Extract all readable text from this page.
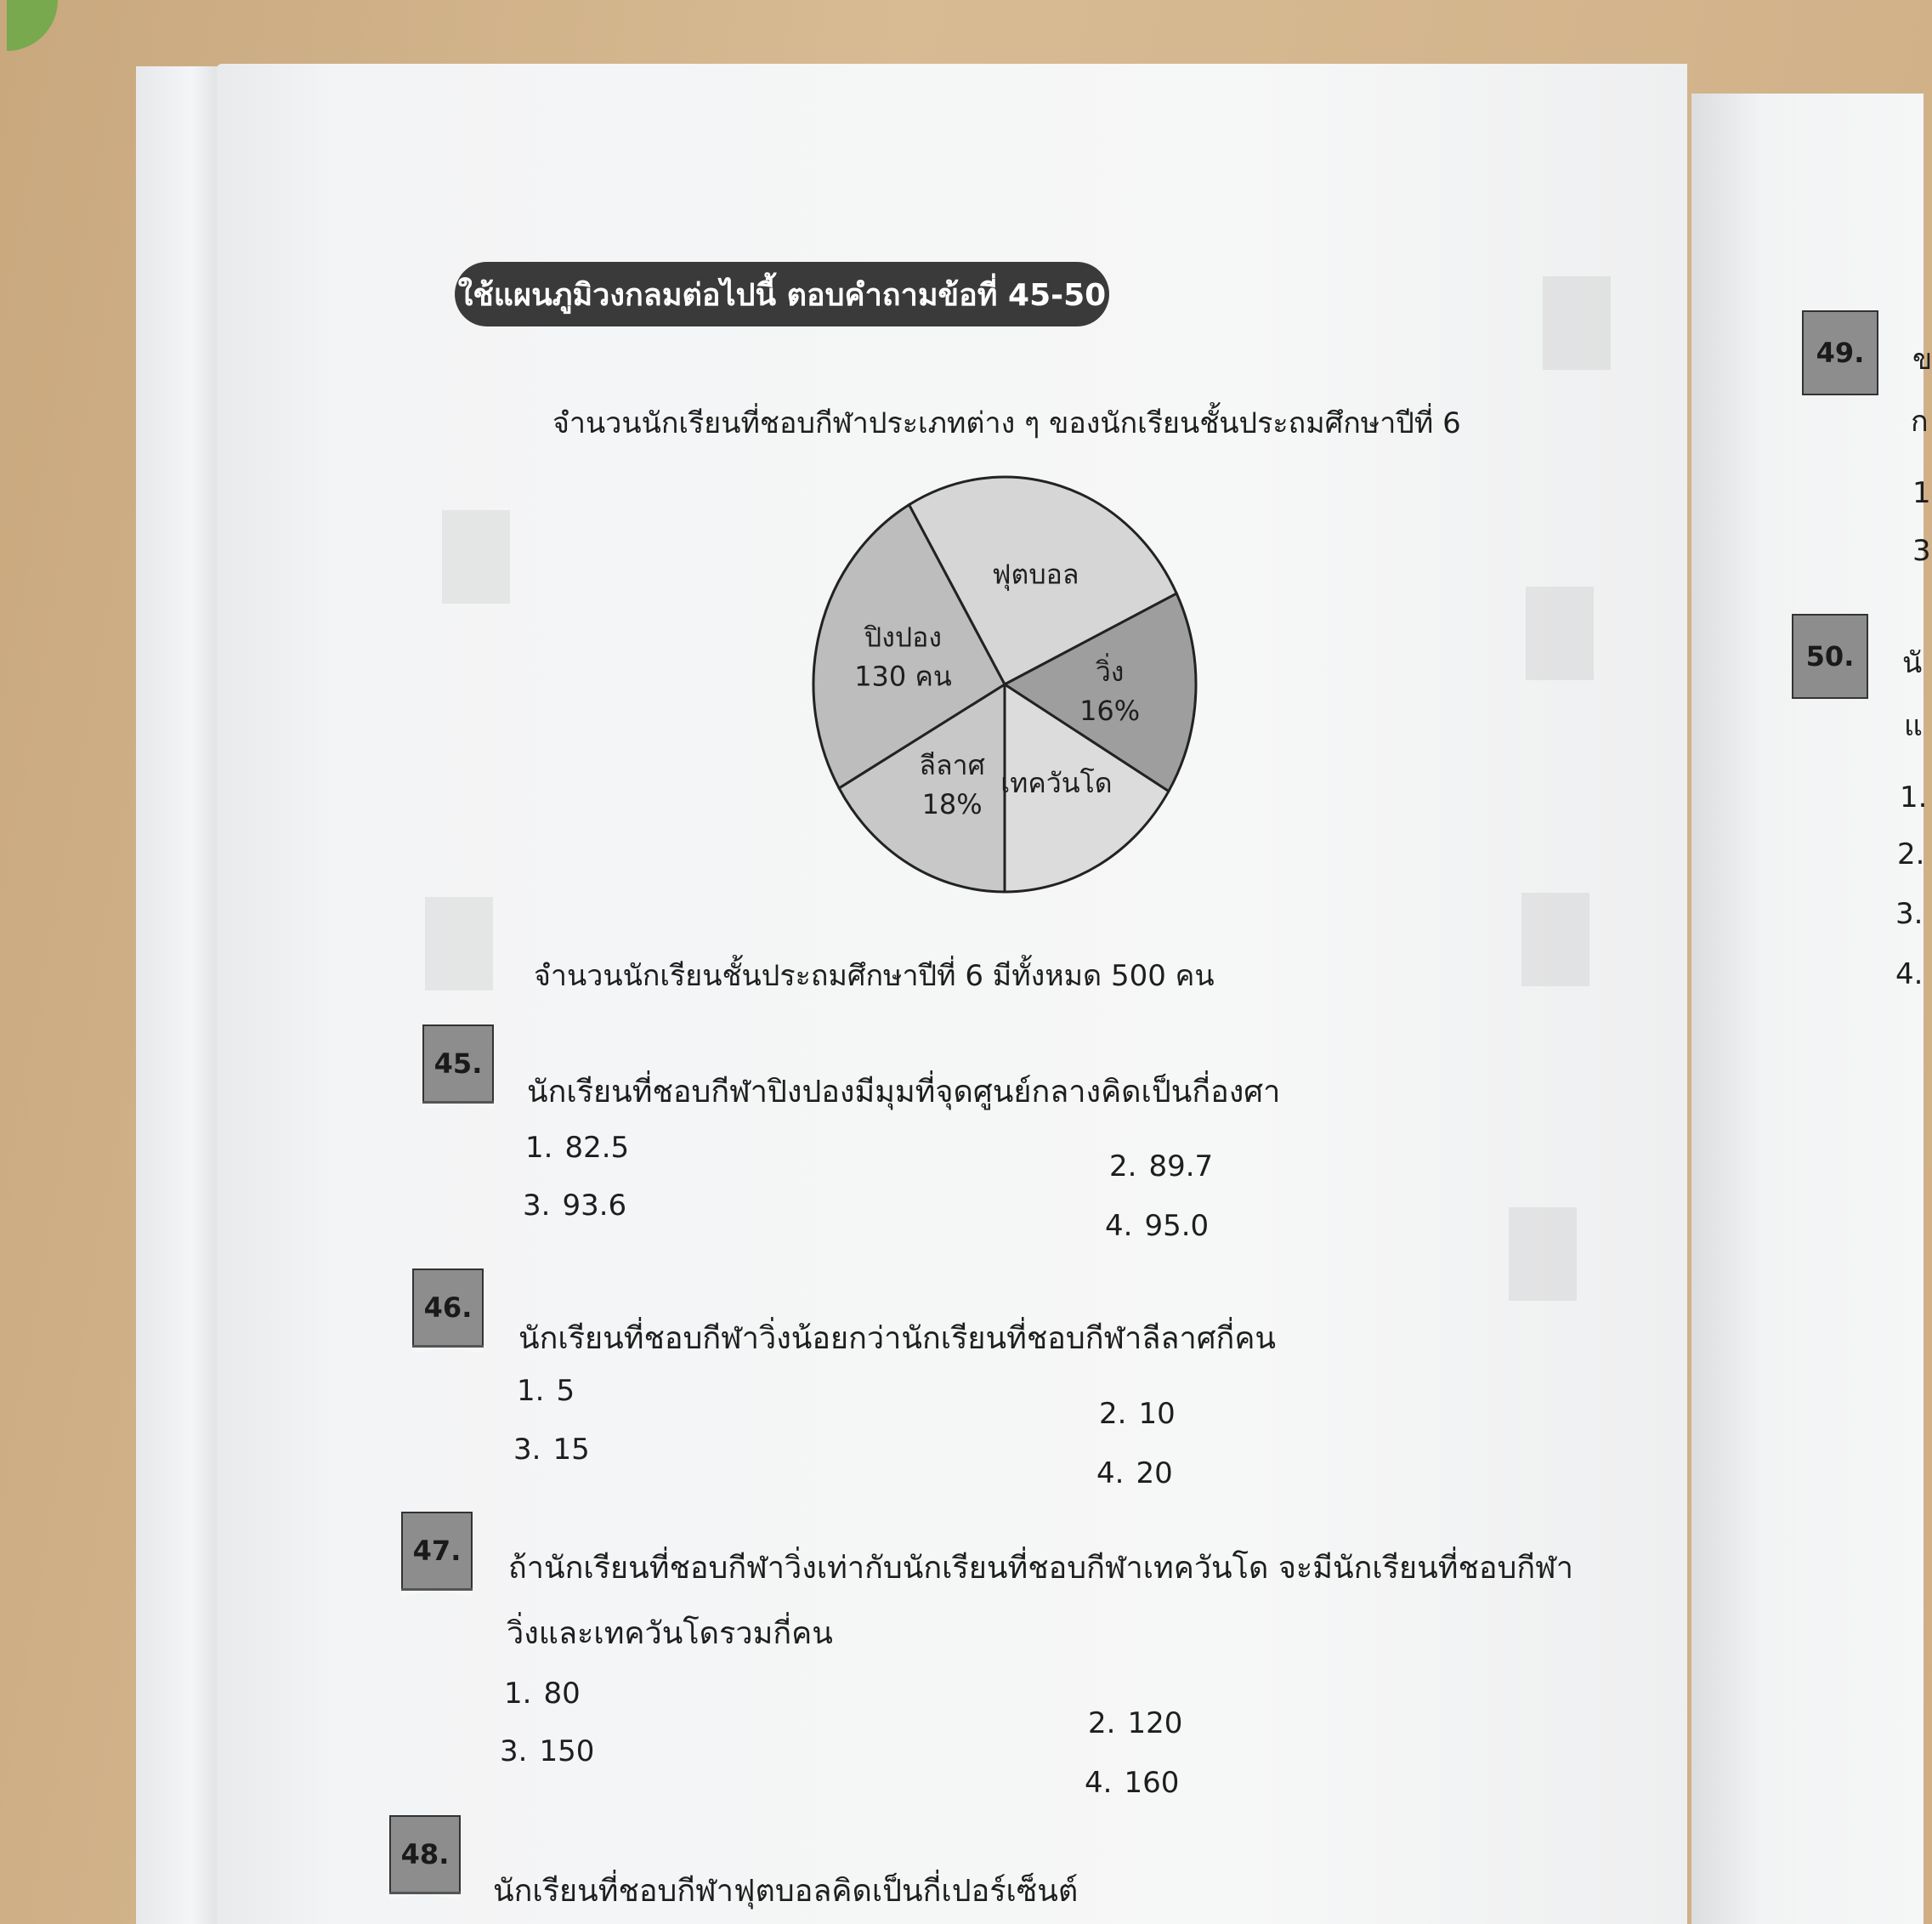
ใช้แผนภูมิวงกลมต่อไปนี้ ตอบคำถามข้อที่ 45-50
จำนวนนักเรียนที่ชอบกีฬาประเภทต่าง ๆ ของนักเรียนชั้นประถมศึกษาปีที่ 6
ฟุตบอล
วิ่ง
16%
เทควันโด
ลีลาศ
18%
ปิงปอง
130 คน
จำนวนนักเรียนชั้นประถมศึกษาปีที่ 6 มีทั้งหมด 500 คน
45.
นักเรียนที่ชอบกีฬาปิงปองมีมุมที่จุดศูนย์กลางคิดเป็นกี่องศา
1. 82.5
2. 89.7
3. 93.6
4. 95.0
46.
นักเรียนที่ชอบกีฬาวิ่งน้อยกว่านักเรียนที่ชอบกีฬาลีลาศกี่คน
1. 5
2. 10
3. 15
4. 20
47.	ถ้านักเรียนที่ชอบกีฬาวิ่งเท่ากับนักเรียนที่ชอบกีฬาเทควันโด จะมีนักเรียนที่ชอบกีฬา
วิ่งและเทควันโดรวมกี่คน
1. 80
2. 120
3. 150
4. 160
48.
นักเรียนที่ชอบกีฬาฟุตบอลคิดเป็นกี่เปอร์เซ็นต์
49.	ข
ก
1
3
50.	นั
แ
1.
2.
3.
4.
